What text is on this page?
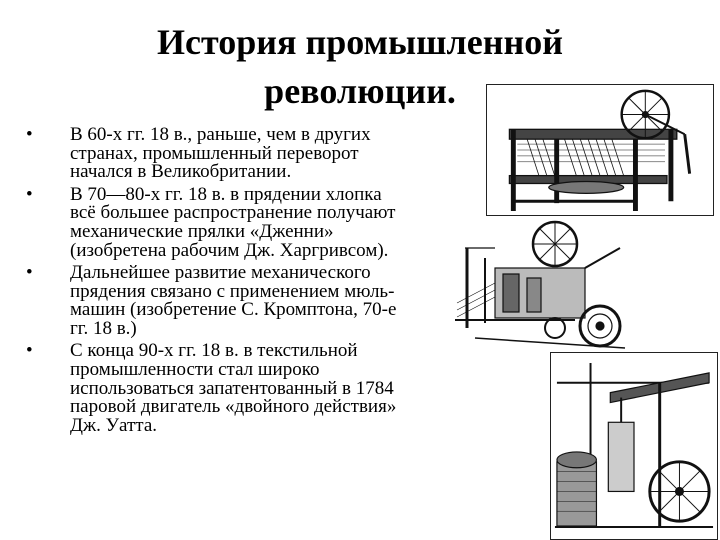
История промышленной
революции.
• В 60-х гг. 18 в., раньше, чем в других
странах, промышленный переворот
начался в Великобритании.
• В 70—80-х гг. 18 в. в прядении хлопка
всё большее распространение получают
механические прялки «Дженни»
(изобретена рабочим Дж. Харгривсом).
• Дальнейшее развитие механического
прядения связано с применением мюль-
машин (изобретение С. Кромптона, 70-е
гг. 18 в.)
• С конца 90-х гг. 18 в. в текстильной
промышленности стал широко
использоваться запатентованный в 1784
паровой двигатель «двойного действия»
Дж. Уатта.
